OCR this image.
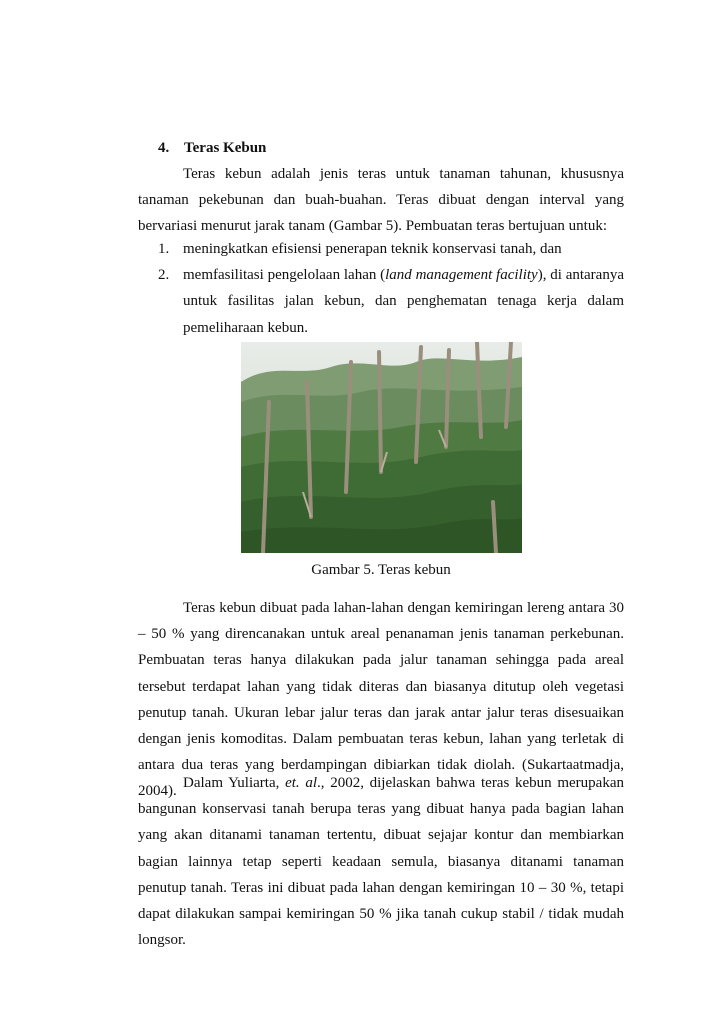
4. Teras Kebun

Teras kebun adalah jenis teras untuk tanaman tahunan, khususnya tanaman pekebunan dan buah-buahan. Teras dibuat dengan interval yang bervariasi menurut jarak tanam (Gambar 5). Pembuatan teras bertujuan untuk:

1. meningkatkan efisiensi penerapan teknik konservasi tanah, dan
2. memfasilitasi pengelolaan lahan (land management facility), di antaranya untuk fasilitas jalan kebun, dan penghematan tenaga kerja dalam pemeliharaan kebun.
Gambar 5. Teras kebun

Teras kebun dibuat pada lahan-lahan dengan kemiringan lereng antara 30 – 50 % yang direncanakan untuk areal penanaman jenis tanaman perkebunan. Pembuatan teras hanya dilakukan pada jalur tanaman sehingga pada areal tersebut terdapat lahan yang tidak diteras dan biasanya ditutup oleh vegetasi penutup tanah. Ukuran lebar jalur teras dan jarak antar jalur teras disesuaikan dengan jenis komoditas. Dalam pembuatan teras kebun, lahan yang terletak di antara dua teras yang berdampingan dibiarkan tidak diolah. (Sukartaatmadja, 2004).

Dalam Yuliarta, et. al., 2002, dijelaskan bahwa teras kebun merupakan bangunan konservasi tanah berupa teras yang dibuat hanya pada bagian lahan yang akan ditanami tanaman tertentu, dibuat sejajar kontur dan membiarkan bagian lainnya tetap seperti keadaan semula, biasanya ditanami tanaman penutup tanah. Teras ini dibuat pada lahan dengan kemiringan 10 – 30 %, tetapi dapat dilakukan sampai kemiringan 50 % jika tanah cukup stabil / tidak mudah longsor.
